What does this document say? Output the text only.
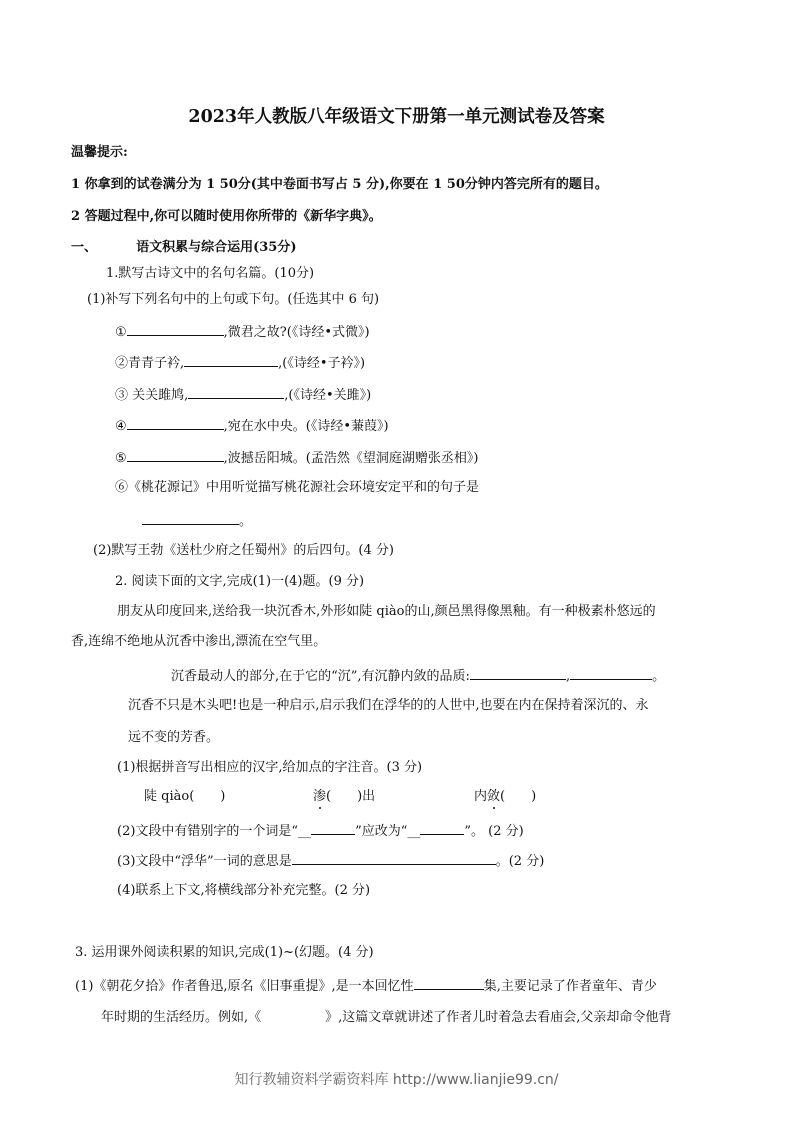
2023年人教版八年级语文下册第一单元测试卷及答案
温馨提示:
1 你拿到的试卷满分为 1 50分(其中卷面书写占 5 分),你要在 1 50分钟内答完所有的题目。
2 答题过程中,你可以随时使用你所带的《新华字典》。
一、	语文积累与综合运用(35分)
1.默写古诗文中的名句名篇。(10分)
(1)补写下列名句中的上句或下句。(任选其中 6 句)
①	,微君之故?(《诗经•式微》)
②青青子衿,	,(《诗经•子衿》)
③ 关关雎鸠,	,(《诗经•关雎》)
④	,宛在水中央。(《诗经•蒹葭》)
⑤	,波撼岳阳城。(孟浩然《望洞庭湖赠张丞相》)
⑥《桃花源记》中用听觉描写桃花源社会环境安定平和的句子是
。
(2)默写王勃《送杜少府之任蜀州》的后四句。(4 分)
2. 阅读下面的文字,完成(1)一(4)题。(9 分)
朋友从印度回来,送给我一块沉香木,外形如陡 qiào的山,颜邑黑得像黑釉。有一种极素朴悠远的
香,连绵不绝地从沉香中渗出,漂流在空气里。
沉香最动人的部分,在于它的“沉”,有沉静内敛的品质:	,	。
沉香不只是木头吧!也是一种启示,启示我们在浮华的的人世中,也要在内在保持着深沉的、永
远不变的芳香。
(1)根据拼音写出相应的汉字,给加点的字注音。(3 分)
陡 qiào(　　)	渗(　　)出	内敛(　　)
(2)文段中有错别字的一个词是“__	”应改为“__	”。 (2 分)
(3)文段中“浮华”一词的意思是	。(2 分)
(4)联系上下文,将横线部分补充完整。(2 分)
3. 运用课外阅读积累的知识,完成(1)~(幻题。(4 分)
(1)《朝花夕拾》作者鲁迅,原名《旧事重提》,是一本回忆性	集,主要记录了作者童年、青少
年时期的生活经历。例如,《	》,这篇文章就讲述了作者儿时着急去看庙会,父亲却命令他背
知行教辅资料学霸资料库 http://www.lianjie99.cn/
